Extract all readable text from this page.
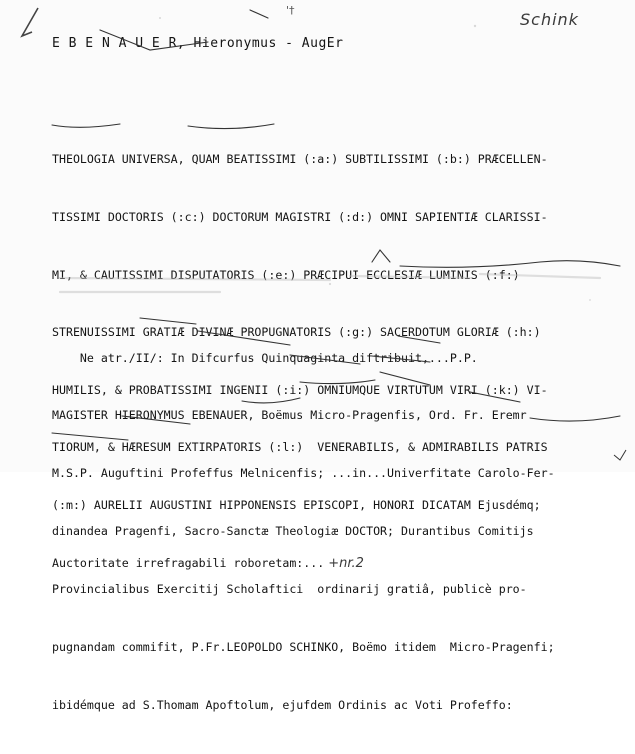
'†	Schink
E B E N A U E R, Hieronymus - AugEr

THEOLOGIA UNIVERSA, QUAM BEATISSIMI (:a:) SUBTILISSIMI (:b:) PRÆCELLEN-

TISSIMI DOCTORIS (:c:) DOCTORUM MAGISTRI (:d:) OMNI SAPIENTIÆ CLARISSI-

MI, & CAUTISSIMI DISPUTATORIS (:e:) PRÆCIPUI ECCLESIÆ LUMINIS (:f:)

STRENUISSIMI GRATIÆ DIVINÆ PROPUGNATORIS (:g:) SACERDOTUM GLORIÆ (:h:)

HUMILIS, & PROBATISSIMI INGENII (:i:) OMNIUMQUE VIRTUTUM VIRI (:k:) VI-

TIORUM, & HÆRESUM EXTIRPATORIS (:l:)  VENERABILIS, & ADMIRABILIS PATRIS

(:m:) AURELII AUGUSTINI HIPPONENSIS EPISCOPI, HONORI DICATAM Ejusdémq;

Auctoritate irrefragabili roboretam:... +nr.2

Ne atr./II/: In Difcurfus Quinquaginta diftribuit,...P.P.

MAGISTER HIERONYMUS EBENAUER, Boëmus Micro-Pragenfis, Ord. Fr. Eremr

M.S.P. Auguftini Profeffus Melnicenfis; ...in...Univerfitate Carolo-Fer-

dinandea Pragenfi, Sacro-Sanctæ Theologiæ DOCTOR; Durantibus Comitijs

Provincialibus Exercitij Scholaftici  ordinarij gratiâ, publicè pro-

pugnandam commifit, P.Fr.LEOPOLDO SCHINKO, Boëmo itidem  Micro-Pragenfi;

ibidémque ad S.Thomam Apoftolum, ejufdem Ordinis ac Voti Profeffo:
